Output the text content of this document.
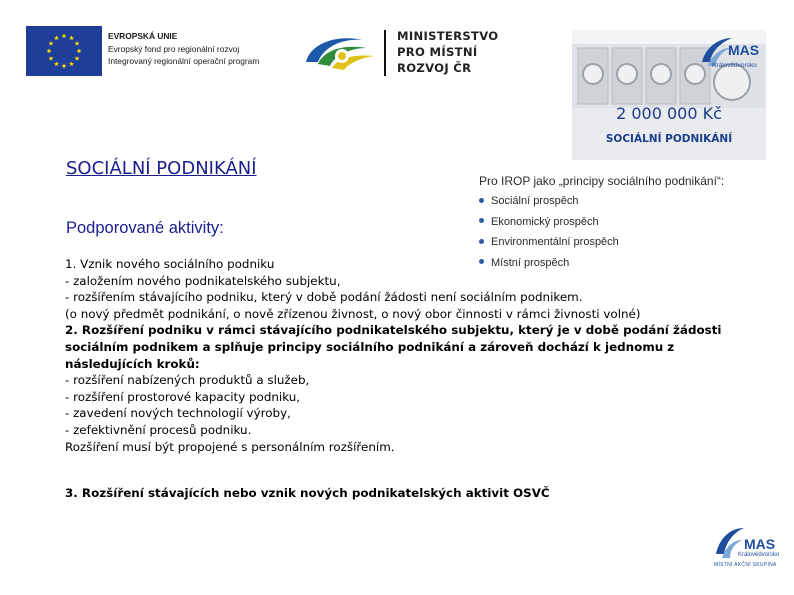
EVROPSKÁ UNIE
Evropský fond pro regionální rozvoj
Integrovaný regionální operační program
MINISTERSTVO
PRO MÍSTNÍ
ROZVOJ ČR
MAS
Královédvorsko
2 000 000 Kč
SOCIÁLNÍ PODNIKÁNÍ
SOCIÁLNÍ PODNIKÁNÍ
Podporované aktivity:
Pro IROP jako „principy sociálního podnikání“:
Sociální prospěch
Ekonomický prospěch
Environmentální prospěch
Místní prospěch

1. Vznik nového sociálního podniku

- založením nového podnikatelského subjektu,

- rozšířením stávajícího podniku, který v době podání žádosti není sociálním podnikem.

(o nový předmět podnikání, o nově zřízenou živnost, o nový obor činnosti v rámci živnosti volné)

2. Rozšíření podniku v rámci stávajícího podnikatelského subjektu, který je v době podání žádosti sociálním podnikem a splňuje principy sociálního podnikání a zároveň dochází k jednomu z následujících kroků:

- rozšíření nabízených produktů a služeb,

- rozšíření prostorové kapacity podniku,

- zavedení nových technologií výroby,

- zefektivnění procesů podniku.

Rozšíření musí být propojené s personálním rozšířením.

3. Rozšíření stávajících nebo vznik nových podnikatelských aktivit OSVČ
MAS
Královédvorsko
MÍSTNÍ AKČNÍ SKUPINA
